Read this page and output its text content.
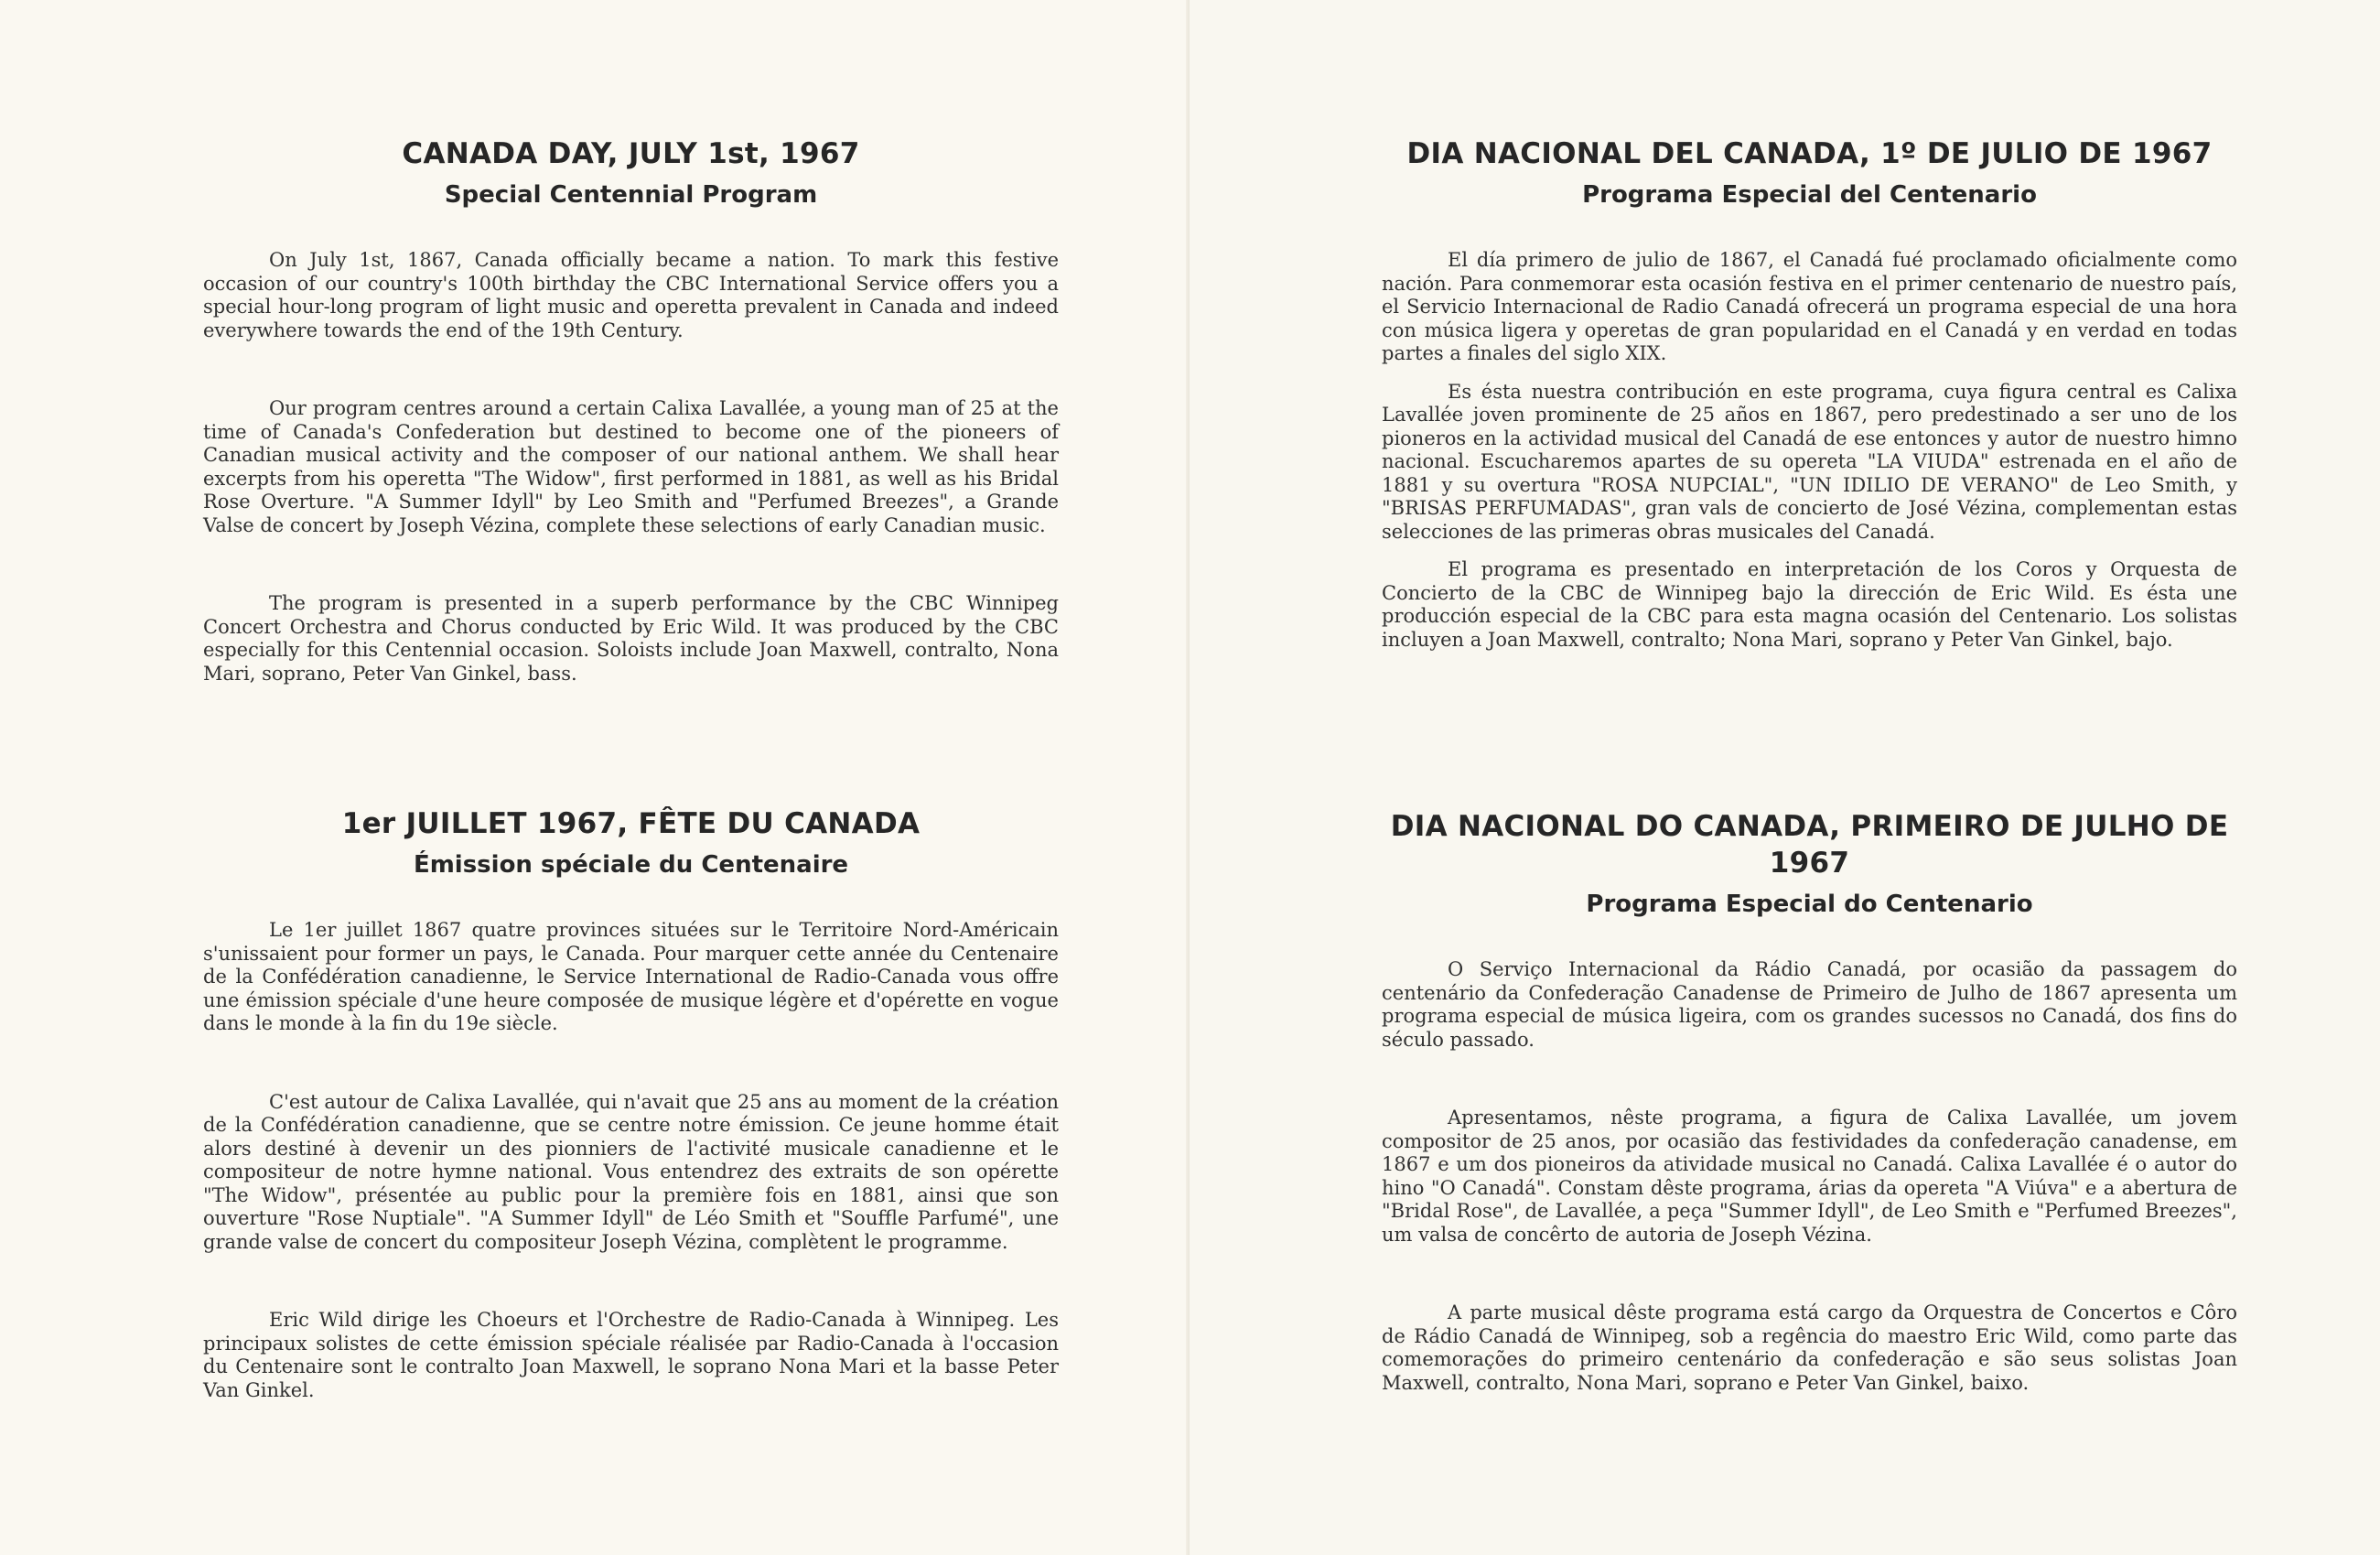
CANADA DAY, JULY 1st, 1967
Special Centennial Program

On July 1st, 1867, Canada officially became a nation. To mark this festive occasion of our country's 100th birthday the CBC International Service offers you a special hour-long program of light music and operetta prevalent in Canada and indeed everywhere towards the end of the 19th Century.

Our program centres around a certain Calixa Lavallée, a young man of 25 at the time of Canada's Confederation but destined to become one of the pioneers of Canadian musical activity and the composer of our national anthem. We shall hear excerpts from his operetta "The Widow", first performed in 1881, as well as his Bridal Rose Overture. "A Summer Idyll" by Leo Smith and "Perfumed Breezes", a Grande Valse de concert by Joseph Vézina, complete these selections of early Canadian music.

The program is presented in a superb performance by the CBC Winnipeg Concert Orchestra and Chorus conducted by Eric Wild. It was produced by the CBC especially for this Centennial occasion. Soloists include Joan Maxwell, contralto, Nona Mari, soprano, Peter Van Ginkel, bass.

1er JUILLET 1967, FÊTE DU CANADA
Émission spéciale du Centenaire

Le 1er juillet 1867 quatre provinces situées sur le Territoire Nord-Américain s'unissaient pour former un pays, le Canada. Pour marquer cette année du Centenaire de la Confédération canadienne, le Service International de Radio-Canada vous offre une émission spéciale d'une heure composée de musique légère et d'opérette en vogue dans le monde à la fin du 19e siècle.

C'est autour de Calixa Lavallée, qui n'avait que 25 ans au moment de la création de la Confédération canadienne, que se centre notre émission. Ce jeune homme était alors destiné à devenir un des pionniers de l'activité musicale canadienne et le compositeur de notre hymne national. Vous entendrez des extraits de son opérette "The Widow", présentée au public pour la première fois en 1881, ainsi que son ouverture "Rose Nuptiale". "A Summer Idyll" de Léo Smith et "Souffle Parfumé", une grande valse de concert du compositeur Joseph Vézina, complètent le programme.

Eric Wild dirige les Choeurs et l'Orchestre de Radio-Canada à Winnipeg. Les principaux solistes de cette émission spéciale réalisée par Radio-Canada à l'occasion du Centenaire sont le contralto Joan Maxwell, le soprano Nona Mari et la basse Peter Van Ginkel.

DIA NACIONAL DEL CANADA, 1º DE JULIO DE 1967
Programa Especial del Centenario

El día primero de julio de 1867, el Canadá fué proclamado oficialmente como nación. Para conmemorar esta ocasión festiva en el primer centenario de nuestro país, el Servicio Internacional de Radio Canadá ofrecerá un programa especial de una hora con música ligera y operetas de gran popularidad en el Canadá y en verdad en todas partes a finales del siglo XIX.

Es ésta nuestra contribución en este programa, cuya figura central es Calixa Lavallée joven prominente de 25 años en 1867, pero predestinado a ser uno de los pioneros en la actividad musical del Canadá de ese entonces y autor de nuestro himno nacional. Escucharemos apartes de su opereta "LA VIUDA" estrenada en el año de 1881 y su overtura "ROSA NUPCIAL", "UN IDILIO DE VERANO" de Leo Smith, y "BRISAS PERFUMADAS", gran vals de concierto de José Vézina, complementan estas selecciones de las primeras obras musicales del Canadá.

El programa es presentado en interpretación de los Coros y Orquesta de Concierto de la CBC de Winnipeg bajo la dirección de Eric Wild. Es ésta une producción especial de la CBC para esta magna ocasión del Centenario. Los solistas incluyen a Joan Maxwell, contralto; Nona Mari, soprano y Peter Van Ginkel, bajo.

DIA NACIONAL DO CANADA, PRIMEIRO DE JULHO DE 1967
Programa Especial do Centenario

O Serviço Internacional da Rádio Canadá, por ocasião da passagem do centenário da Confederação Canadense de Primeiro de Julho de 1867 apresenta um programa especial de música ligeira, com os grandes sucessos no Canadá, dos fins do século passado.

Apresentamos, nêste programa, a figura de Calixa Lavallée, um jovem compositor de 25 anos, por ocasião das festividades da confederação canadense, em 1867 e um dos pioneiros da atividade musical no Canadá. Calixa Lavallée é o autor do hino "O Canadá". Constam dêste programa, árias da opereta "A Viúva" e a abertura de "Bridal Rose", de Lavallée, a peça "Summer Idyll", de Leo Smith e "Perfumed Breezes", um valsa de concêrto de autoria de Joseph Vézina.

A parte musical dêste programa está cargo da Orquestra de Concertos e Côro de Rádio Canadá de Winnipeg, sob a regência do maestro Eric Wild, como parte das comemorações do primeiro centenário da confederação e são seus solistas Joan Maxwell, contralto, Nona Mari, soprano e Peter Van Ginkel, baixo.
